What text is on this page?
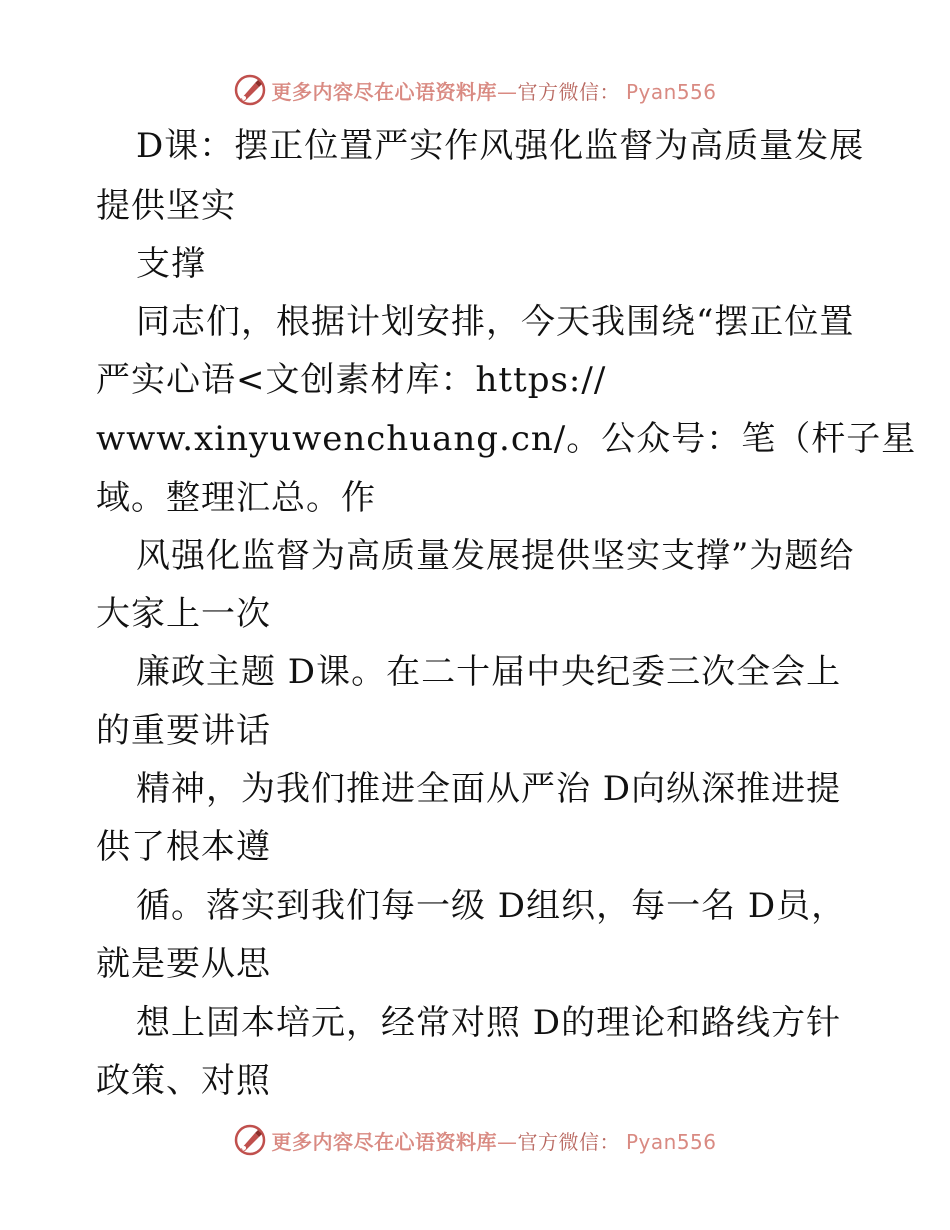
更多内容尽在心语资料库—官方微信： Pyan556
D课：摆正位置严实作风强化监督为高质量发展
提供坚实
支撑
同志们，根据计划安排，今天我围绕“摆正位置
严实心语<文创素材库：https://
www.xinyuwenchuang.cn/。公众号：笔（杆子星
域。整理汇总。作
风强化监督为高质量发展提供坚实支撑”为题给
大家上一次
廉政主题 D课。在二十届中央纪委三次全会上
的重要讲话
精神，为我们推进全面从严治 D向纵深推进提
供了根本遵
循。落实到我们每一级 D组织，每一名 D员，
就是要从思
想上固本培元，经常对照 D的理论和路线方针
政策、对照
更多内容尽在心语资料库—官方微信： Pyan556
